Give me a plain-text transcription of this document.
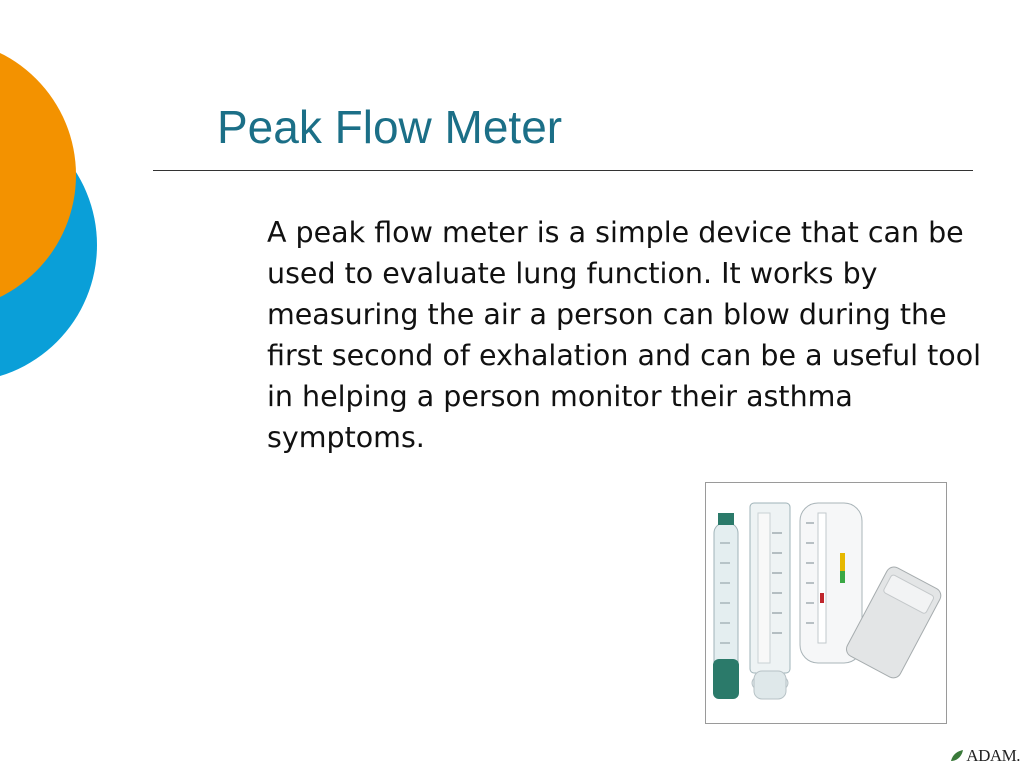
Peak Flow Meter

A peak flow meter is a simple device that can be used to evaluate lung function. It works by measuring the air a person can blow during the first second of exhalation and can be a useful tool in helping a person monitor their asthma symptoms.

ADAM.
